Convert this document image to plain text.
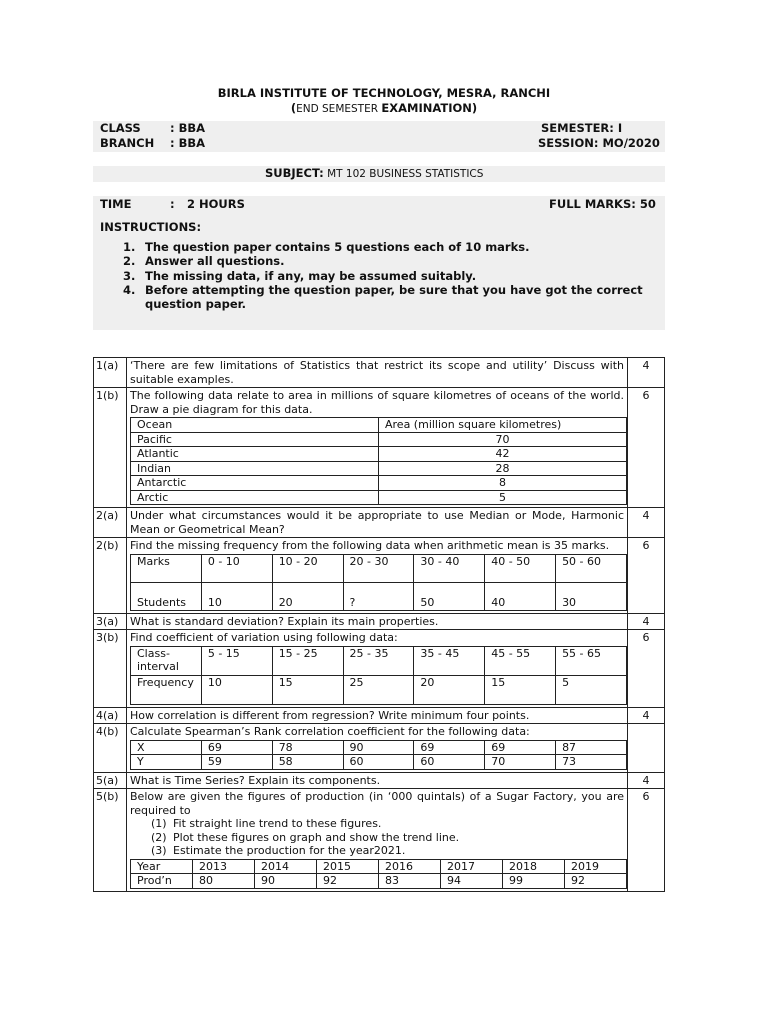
BIRLA INSTITUTE OF TECHNOLOGY, MESRA, RANCHI
(END SEMESTER EXAMINATION)
CLASS	: BBA
BRANCH : BBA
SEMESTER: I
SESSION: MO/2020
SUBJECT: MT 102 BUSINESS STATISTICS
TIME	: 2 HOURS	FULL MARKS: 50
INSTRUCTIONS:
1. The question paper contains 5 questions each of 10 marks.
2. Answer all questions.
3. The missing data, if any, may be assumed suitably.
4. Before attempting the question paper, be sure that you have got the correct question paper.
1(a)	‘There are few limitations of Statistics that restrict its scope and utility’ Discuss with suitable examples.
	4
1(b)	The following data relate to area in millions of square kilometres of oceans of the world. Draw a pie diagram for this data.
Ocean	Area (million square kilometres)
Pacific	70
Atlantic	42
Indian	28
Antarctic	8
Arctic	5
	6
2(a)	Under what circumstances would it be appropriate to use Median or Mode, Harmonic Mean or Geometrical Mean?
	4
2(b)	Find the missing frequency from the following data when arithmetic mean is 35 marks.
Marks	0 - 10	10 - 20	20 - 30	30 - 40	40 - 50	50 - 60
Students	10	20	?	50	40	30
	6
3(a)	What is standard deviation? Explain its main properties.	4
3(b)	Find coefficient of variation using following data:
Class-interval	5 - 15	15 - 25	25 - 35	35 - 45	45 - 55	55 - 65
Frequency	10	15	25	20	15	5
	6
4(a)	How correlation is different from regression? Write minimum four points.	4
4(b)	Calculate Spearman’s Rank correlation coefficient for the following data:
X	69	78	90	69	69	87
Y	59	58	60	60	70	73

5(a)	What is Time Series? Explain its components.	4
5(b)	Below are given the figures of production (in ‘000 quintals) of a Sugar Factory, you are required to
(1) Fit straight line trend to these figures.
(2) Plot these figures on graph and show the trend line.
(3) Estimate the production for the year2021.
Year	2013	2014	2015	2016	2017	2018	2019
Prod’n	80	90	92	83	94	99	92
	6
